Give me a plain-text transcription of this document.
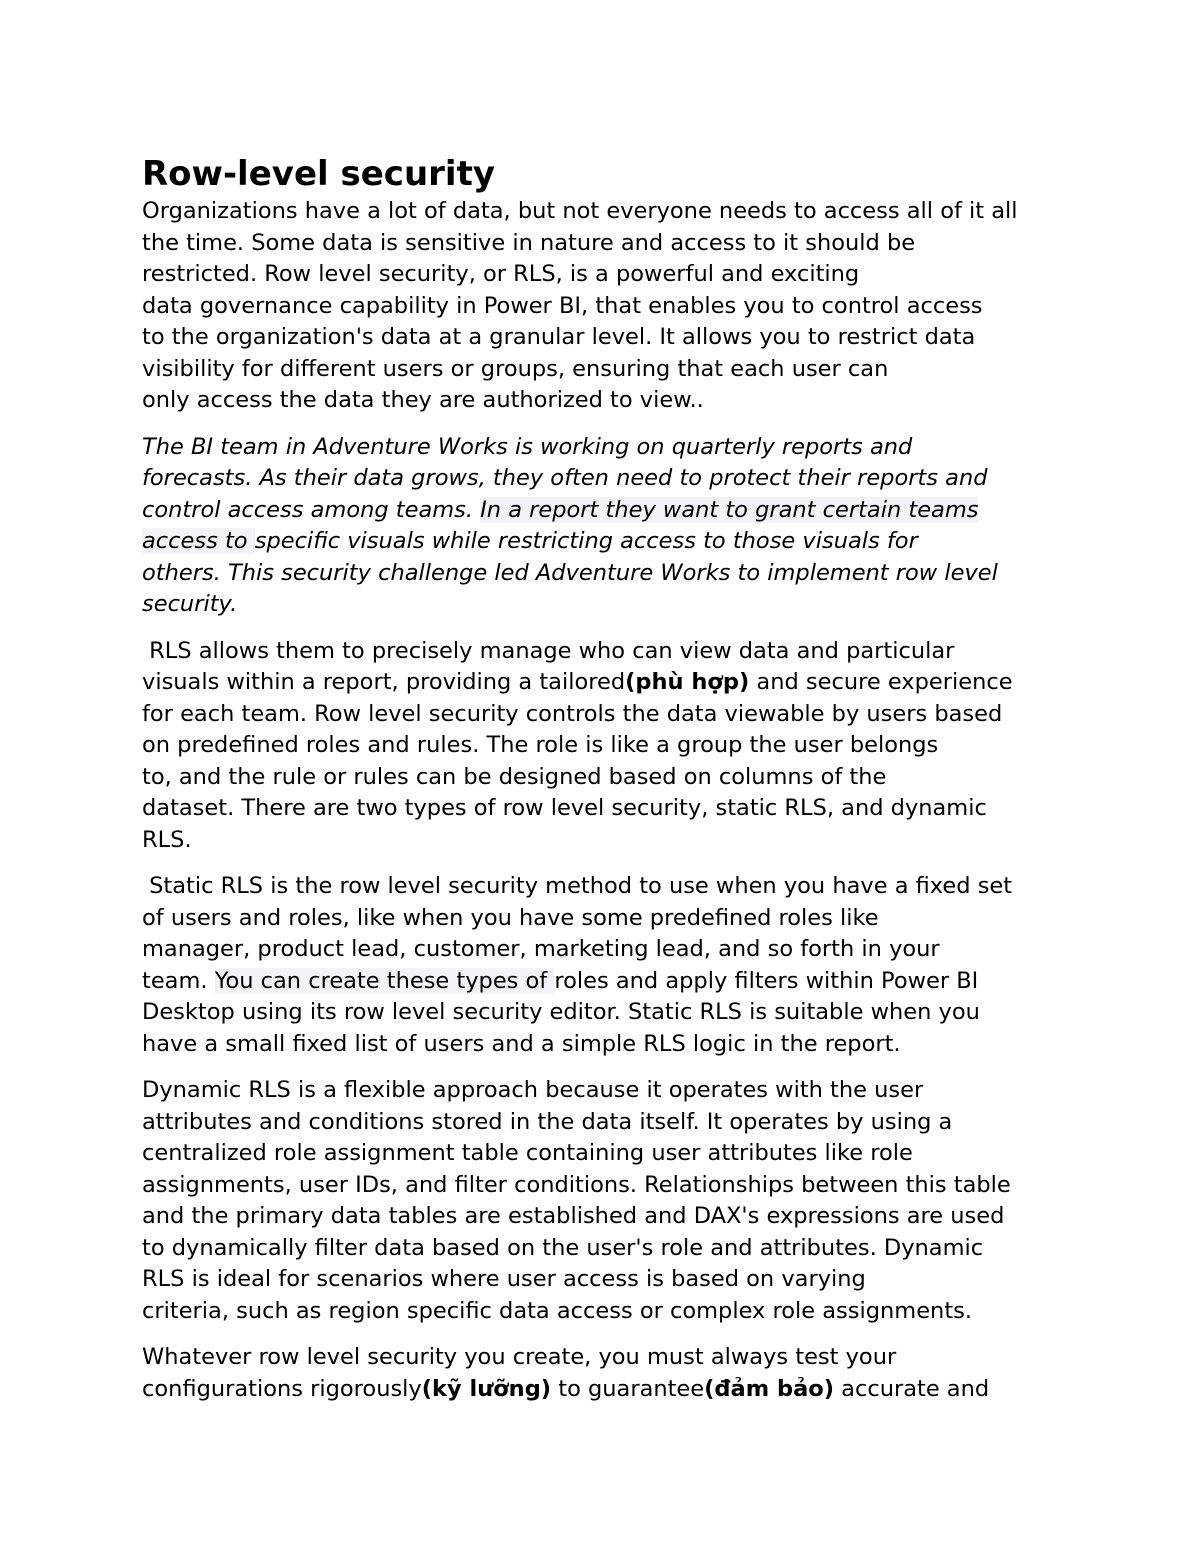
Row-level security

Organizations have a lot of data, but not everyone needs to access all of it all
the time. Some data is sensitive in nature and access to it should be
restricted. Row level security, or RLS, is a powerful and exciting
data governance capability in Power BI, that enables you to control access
to the organization's data at a granular level. It allows you to restrict data
visibility for different users or groups, ensuring that each user can
only access the data they are authorized to view..

The BI team in Adventure Works is working on quarterly reports and
forecasts. As their data grows, they often need to protect their reports and
control access among teams. In a report they want to grant certain teams
access to specific visuals while restricting access to those visuals for
others. This security challenge led Adventure Works to implement row level
security.

RLS allows them to precisely manage who can view data and particular
visuals within a report, providing a tailored(phù hợp) and secure experience
for each team. Row level security controls the data viewable by users based
on predefined roles and rules. The role is like a group the user belongs
to, and the rule or rules can be designed based on columns of the
dataset. There are two types of row level security, static RLS, and dynamic
RLS.

Static RLS is the row level security method to use when you have a fixed set
of users and roles, like when you have some predefined roles like
manager, product lead, customer, marketing lead, and so forth in your
team. You can create these types of roles and apply filters within Power BI
Desktop using its row level security editor. Static RLS is suitable when you
have a small fixed list of users and a simple RLS logic in the report.

Dynamic RLS is a flexible approach because it operates with the user
attributes and conditions stored in the data itself. It operates by using a
centralized role assignment table containing user attributes like role
assignments, user IDs, and filter conditions. Relationships between this table
and the primary data tables are established and DAX's expressions are used
to dynamically filter data based on the user's role and attributes. Dynamic
RLS is ideal for scenarios where user access is based on varying
criteria, such as region specific data access or complex role assignments.

Whatever row level security you create, you must always test your
configurations rigorously(kỹ lưỡng) to guarantee(đảm bảo) accurate and
